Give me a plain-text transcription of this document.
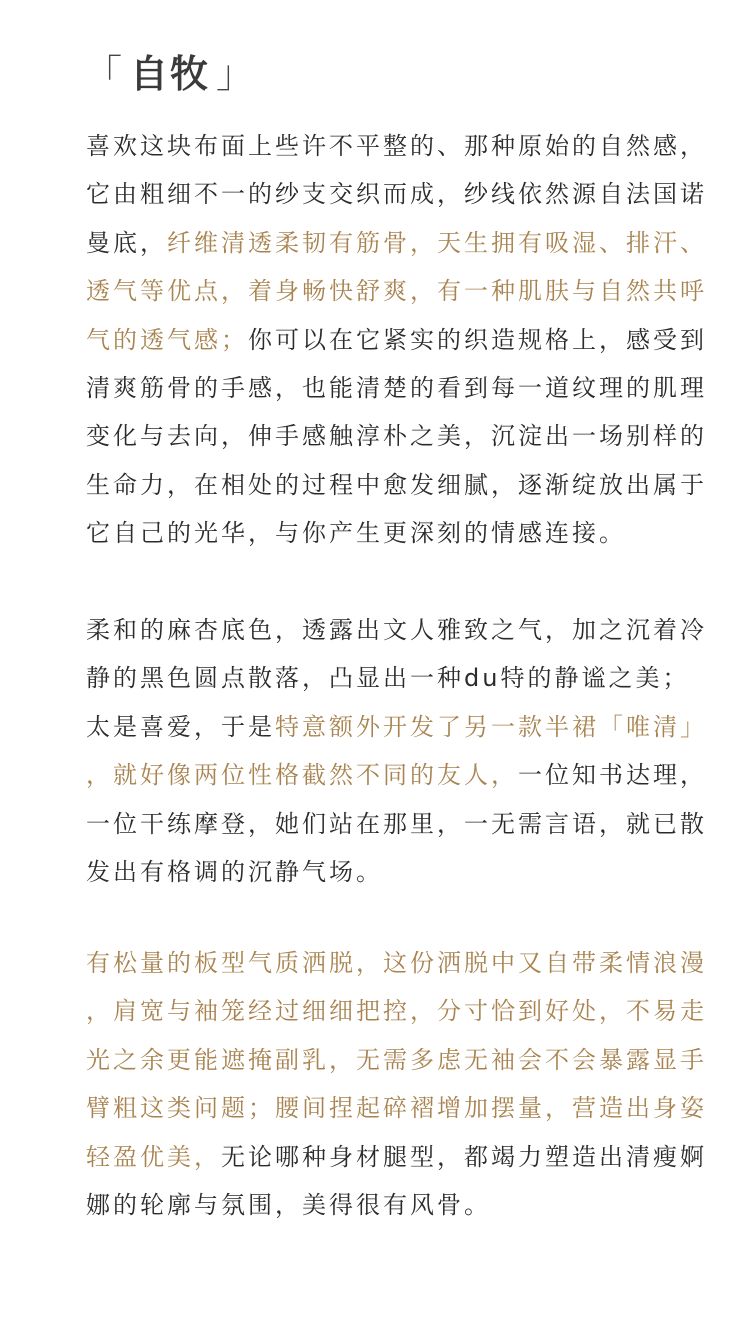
「 自牧 」
喜欢这块布面上些许不平整的、那种原始的自然感，
它由粗细不一的纱支交织而成，纱线依然源自法国诺
曼底，纤维清透柔韧有筋骨，天生拥有吸湿、排汗、
透气等优点，着身畅快舒爽，有一种肌肤与自然共呼
气的透气感；你可以在它紧实的织造规格上，感受到
清爽筋骨的手感，也能清楚的看到每一道纹理的肌理
变化与去向，伸手感触淳朴之美，沉淀出一场别样的
生命力，在相处的过程中愈发细腻，逐渐绽放出属于
它自己的光华，与你产生更深刻的情感连接。
柔和的麻杏底色，透露出文人雅致之气，加之沉着冷
静的黑色圆点散落，凸显出一种du特的静谧之美；
太是喜爱，于是特意额外开发了另一款半裙「唯清」
，就好像两位性格截然不同的友人，一位知书达理，
一位干练摩登，她们站在那里，一无需言语，就已散
发出有格调的沉静气场。
有松量的板型气质洒脱，这份洒脱中又自带柔情浪漫
，肩宽与袖笼经过细细把控，分寸恰到好处，不易走
光之余更能遮掩副乳，无需多虑无袖会不会暴露显手
臂粗这类问题；腰间捏起碎褶增加摆量，营造出身姿
轻盈优美，无论哪种身材腿型，都竭力塑造出清瘦婀
娜的轮廓与氛围，美得很有风骨。
